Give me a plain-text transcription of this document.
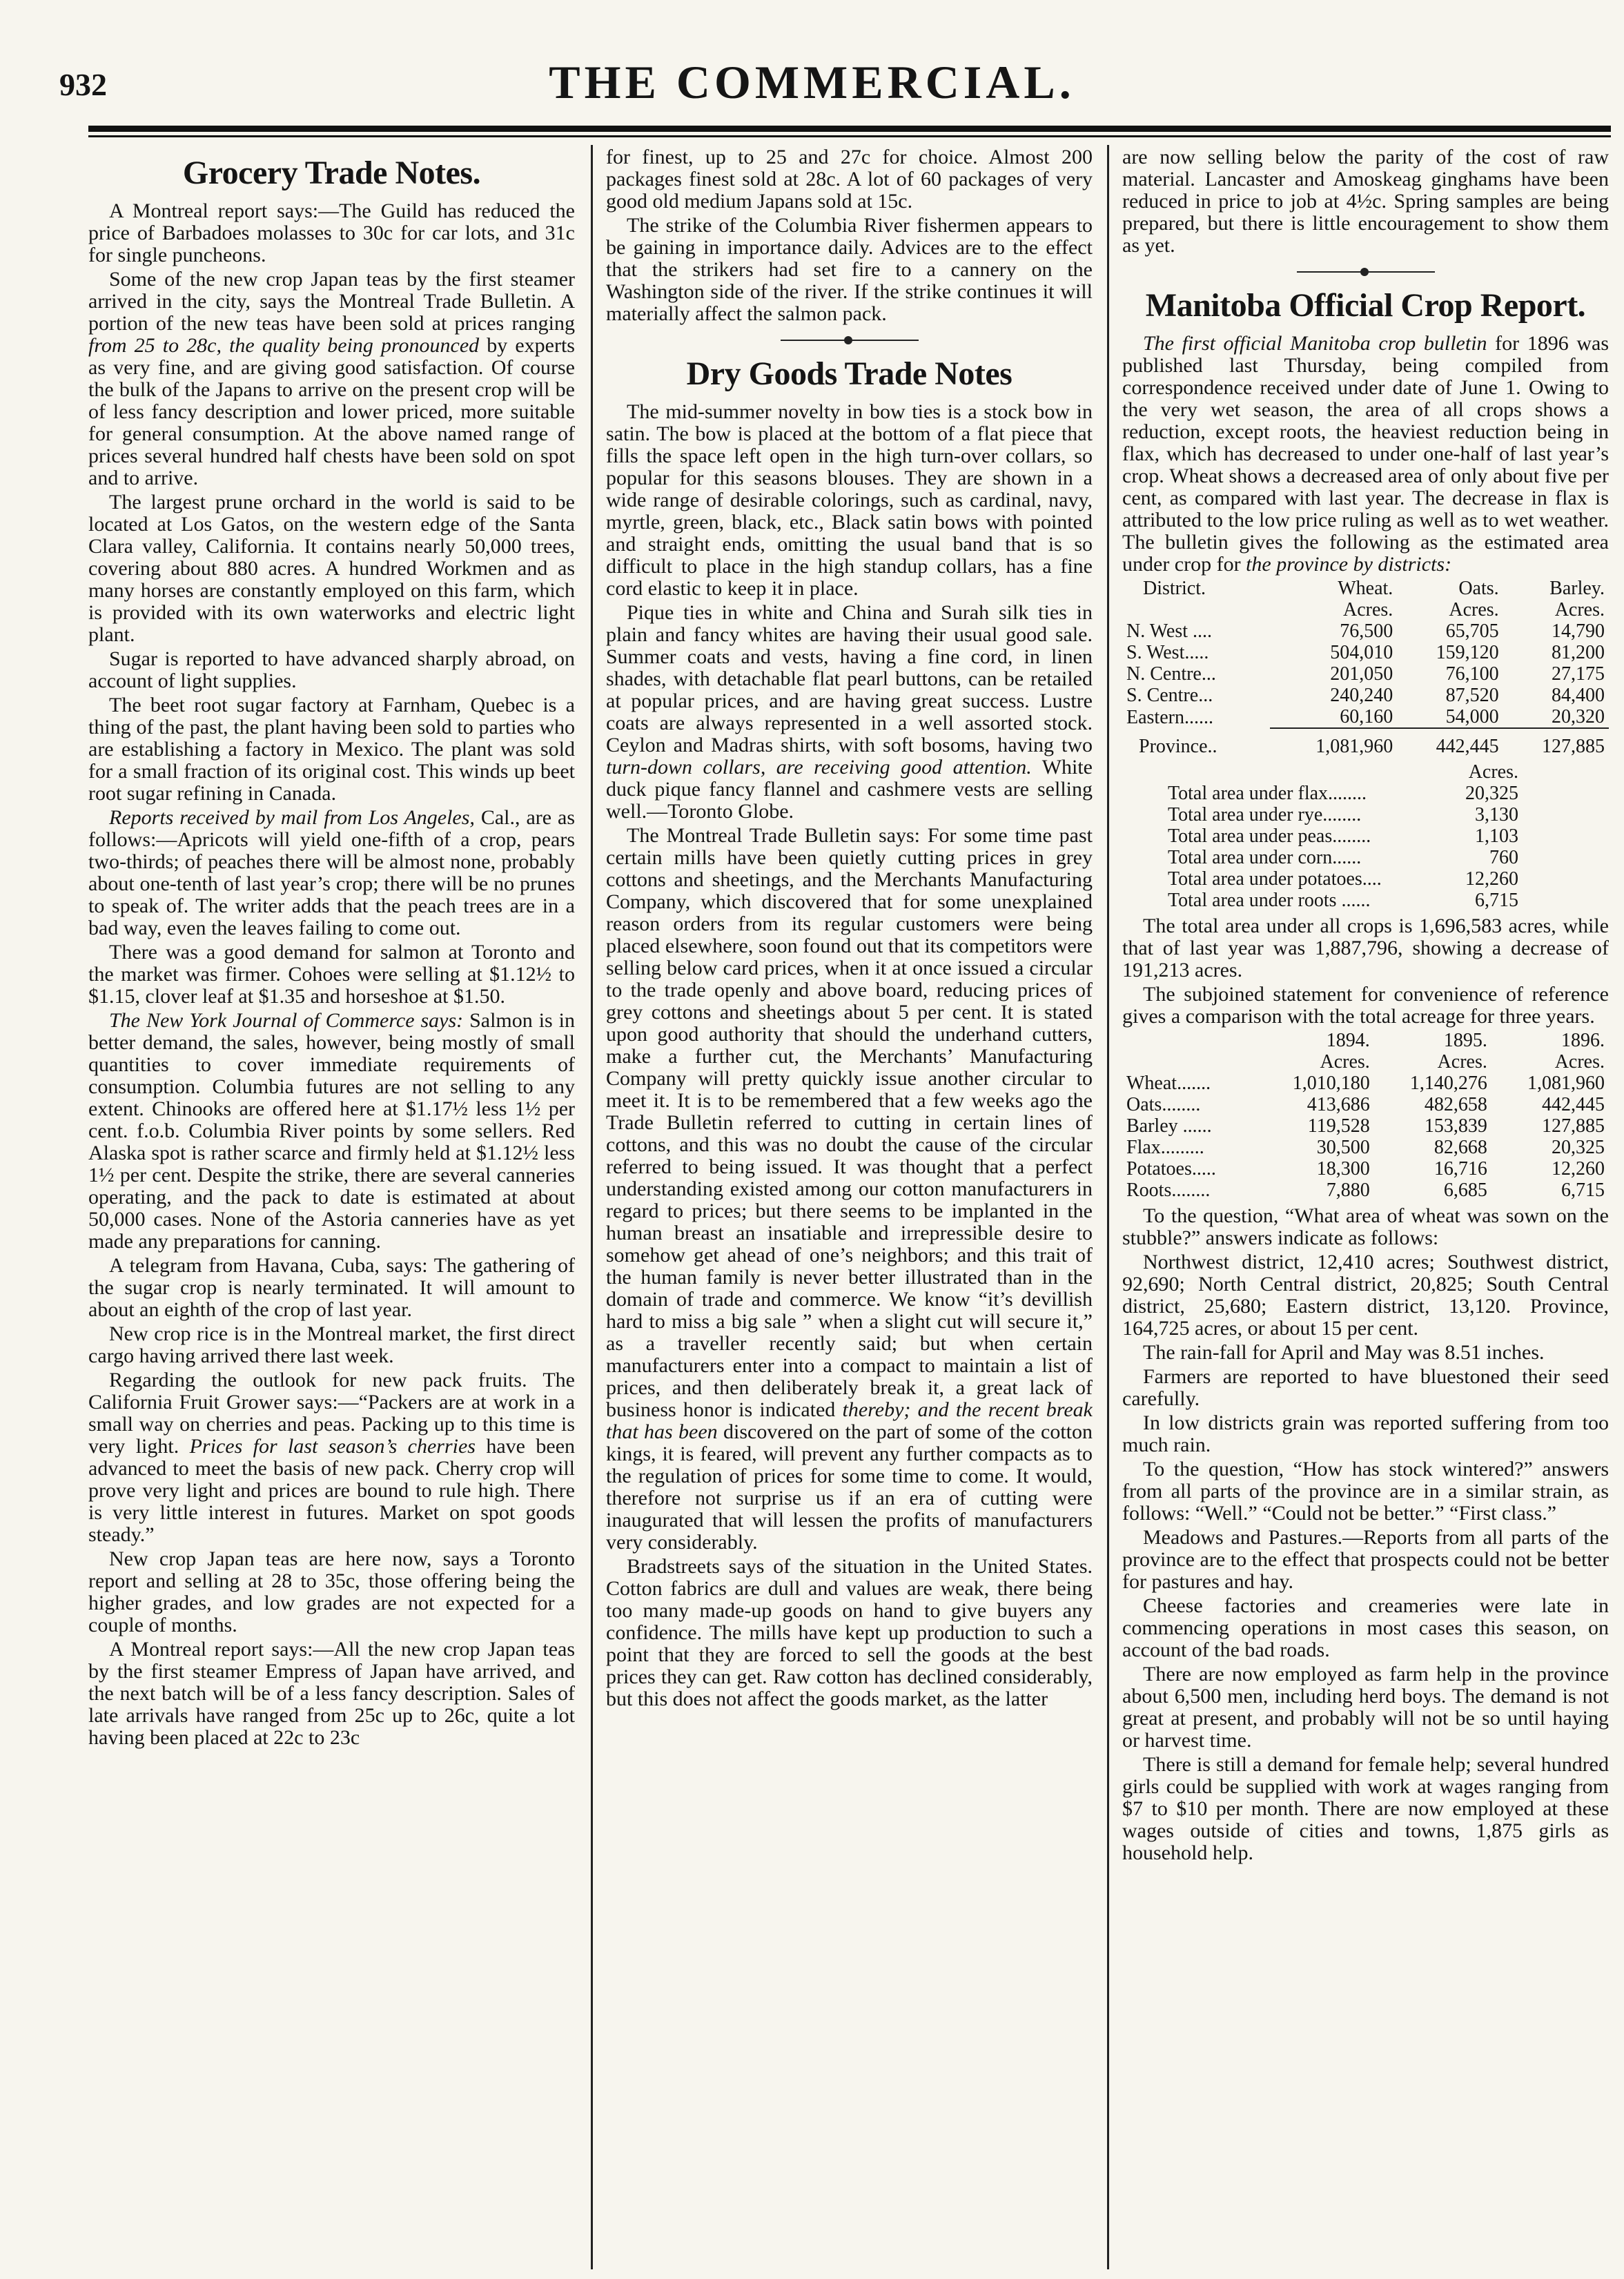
932	THE COMMERCIAL.
Grocery Trade Notes.

A Montreal report says:—The Guild has reduced the price of Barbadoes molasses to 30c for car lots, and 31c for single puncheons.

Some of the new crop Japan teas by the first steamer arrived in the city, says the Montreal Trade Bulletin. A portion of the new teas have been sold at prices ranging from 25 to 28c, the quality being pronounced by experts as very fine, and are giving good satisfaction. Of course the bulk of the Japans to arrive on the present crop will be of less fancy description and lower priced, more suitable for general consumption. At the above named range of prices several hundred half chests have been sold on spot and to arrive.

The largest prune orchard in the world is said to be located at Los Gatos, on the western edge of the Santa Clara valley, California. It contains nearly 50,000 trees, covering about 880 acres. A hundred Workmen and as many horses are constantly employed on this farm, which is provided with its own waterworks and electric light plant.

Sugar is reported to have advanced sharply abroad, on account of light supplies.

The beet root sugar factory at Farnham, Quebec is a thing of the past, the plant having been sold to parties who are establishing a factory in Mexico. The plant was sold for a small fraction of its original cost. This winds up beet root sugar refining in Canada.

Reports received by mail from Los Angeles, Cal., are as follows:—Apricots will yield one-fifth of a crop, pears two-thirds; of peaches there will be almost none, probably about one-tenth of last year’s crop; there will be no prunes to speak of. The writer adds that the peach trees are in a bad way, even the leaves failing to come out.

There was a good demand for salmon at Toronto and the market was firmer. Cohoes were selling at $1.12½ to $1.15, clover leaf at $1.35 and horseshoe at $1.50.

The New York Journal of Commerce says: Salmon is in better demand, the sales, however, being mostly of small quantities to cover immediate requirements of consumption. Columbia futures are not selling to any extent. Chinooks are offered here at $1.17½ less 1½ per cent. f.o.b. Columbia River points by some sellers. Red Alaska spot is rather scarce and firmly held at $1.12½ less 1½ per cent. Despite the strike, there are several canneries operating, and the pack to date is estimated at about 50,000 cases. None of the Astoria canneries have as yet made any preparations for canning.

A telegram from Havana, Cuba, says: The gathering of the sugar crop is nearly terminated. It will amount to about an eighth of the crop of last year.

New crop rice is in the Montreal market, the first direct cargo having arrived there last week.

Regarding the outlook for new pack fruits. The California Fruit Grower says:—“Packers are at work in a small way on cherries and peas. Packing up to this time is very light. Prices for last season’s cherries have been advanced to meet the basis of new pack. Cherry crop will prove very light and prices are bound to rule high. There is very little interest in futures. Market on spot goods steady.”

New crop Japan teas are here now, says a Toronto report and selling at 28 to 35c, those offering being the higher grades, and low grades are not expected for a couple of months.

A Montreal report says:—All the new crop Japan teas by the first steamer Empress of Japan have arrived, and the next batch will be of a less fancy description. Sales of late arrivals have ranged from 25c up to 26c, quite a lot having been placed at 22c to 23c

for finest, up to 25 and 27c for choice. Almost 200 packages finest sold at 28c. A lot of 60 packages of very good old medium Japans sold at 15c.

The strike of the Columbia River fishermen appears to be gaining in importance daily. Advices are to the effect that the strikers had set fire to a cannery on the Washington side of the river. If the strike continues it will materially affect the salmon pack.

Dry Goods Trade Notes

The mid-summer novelty in bow ties is a stock bow in satin. The bow is placed at the bottom of a flat piece that fills the space left open in the high turn-over collars, so popular for this seasons blouses. They are shown in a wide range of desirable colorings, such as cardinal, navy, myrtle, green, black, etc., Black satin bows with pointed and straight ends, omitting the usual band that is so difficult to place in the high standup collars, has a fine cord elastic to keep it in place.

Pique ties in white and China and Surah silk ties in plain and fancy whites are having their usual good sale. Summer coats and vests, having a fine cord, in linen shades, with detachable flat pearl buttons, can be retailed at popular prices, and are having great success. Lustre coats are always represented in a well assorted stock. Ceylon and Madras shirts, with soft bosoms, having two turn-down collars, are receiving good attention. White duck pique fancy flannel and cashmere vests are selling well.—Toronto Globe.

The Montreal Trade Bulletin says: For some time past certain mills have been quietly cutting prices in grey cottons and sheetings, and the Merchants Manufacturing Company, which discovered that for some unexplained reason orders from its regular customers were being placed elsewhere, soon found out that its competitors were selling below card prices, when it at once issued a circular to the trade openly and above board, reducing prices of grey cottons and sheetings about 5 per cent. It is stated upon good authority that should the underhand cutters, make a further cut, the Merchants’ Manufacturing Company will pretty quickly issue another circular to meet it. It is to be remembered that a few weeks ago the Trade Bulletin referred to cutting in certain lines of cottons, and this was no doubt the cause of the circular referred to being issued. It was thought that a perfect understanding existed among our cotton manufacturers in regard to prices; but there seems to be implanted in the human breast an insatiable and irrepressible desire to somehow get ahead of one’s neighbors; and this trait of the human family is never better illustrated than in the domain of trade and commerce. We know “it’s devillish hard to miss a big sale ” when a slight cut will secure it,” as a traveller recently said; but when certain manufacturers enter into a compact to maintain a list of prices, and then deliberately break it, a great lack of business honor is indicated thereby; and the recent break that has been discovered on the part of some of the cotton kings, it is feared, will prevent any further compacts as to the regulation of prices for some time to come. It would, therefore not surprise us if an era of cutting were inaugurated that will lessen the profits of manufacturers very considerably.

Bradstreets says of the situation in the United States. Cotton fabrics are dull and values are weak, there being too many made-up goods on hand to give buyers any confidence. The mills have kept up production to such a point that they are forced to sell the goods at the best prices they can get. Raw cotton has declined considerably, but this does not affect the goods market, as the latter

are now selling below the parity of the cost of raw material. Lancaster and Amoskeag ginghams have been reduced in price to job at 4½c. Spring samples are being prepared, but there is little encouragement to show them as yet.

Manitoba Official Crop Report.

The first official Manitoba crop bulletin for 1896 was published last Thursday, being compiled from correspondence received under date of June 1. Owing to the very wet season, the area of all crops shows a reduction, except roots, the heaviest reduction being in flax, which has decreased to under one-half of last year’s crop. Wheat shows a decreased area of only about five per cent, as compared with last year. The decrease in flax is attributed to the low price ruling as well as to wet weather. The bulletin gives the following as the estimated area under crop for the province by districts:

District.	Wheat.	Oats.	Barley.
	Acres.	Acres.	Acres.
N. West ....	76,500	65,705	14,790
S. West.....	504,010	159,120	81,200
N. Centre...	201,050	76,100	27,175
S. Centre...	240,240	87,520	84,400
Eastern......	60,160	54,000	20,320
Province..	1,081,960	442,445	127,885
	Acres.
Total area under flax........	20,325
Total area under rye........	3,130
Total area under peas........	1,103
Total area under corn......	760
Total area under potatoes....	12,260
Total area under roots ......	6,715

The total area under all crops is 1,696,583 acres, while that of last year was 1,887,796, showing a decrease of 191,213 acres.

The subjoined statement for convenience of reference gives a comparison with the total acreage for three years.

	1894.	1895.	1896.
	Acres.	Acres.	Acres.
Wheat.......	1,010,180	1,140,276	1,081,960
Oats........	413,686	482,658	442,445
Barley ......	119,528	153,839	127,885
Flax.........	30,500	82,668	20,325
Potatoes.....	18,300	16,716	12,260
Roots........	7,880	6,685	6,715

To the question, “What area of wheat was sown on the stubble?” answers indicate as follows:

Northwest district, 12,410 acres; Southwest district, 92,690; North Central district, 20,825; South Central district, 25,680; Eastern district, 13,120. Province, 164,725 acres, or about 15 per cent.

The rain-fall for April and May was 8.51 inches.

Farmers are reported to have bluestoned their seed carefully.

In low districts grain was reported suffering from too much rain.

To the question, “How has stock wintered?” answers from all parts of the province are in a similar strain, as follows: “Well.” “Could not be better.” “First class.”

Meadows and Pastures.—Reports from all parts of the province are to the effect that prospects could not be better for pastures and hay.

Cheese factories and creameries were late in commencing operations in most cases this season, on account of the bad roads.

There are now employed as farm help in the province about 6,500 men, including herd boys. The demand is not great at present, and probably will not be so until haying or harvest time.

There is still a demand for female help; several hundred girls could be supplied with work at wages ranging from $7 to $10 per month. There are now employed at these wages outside of cities and towns, 1,875 girls as household help.
